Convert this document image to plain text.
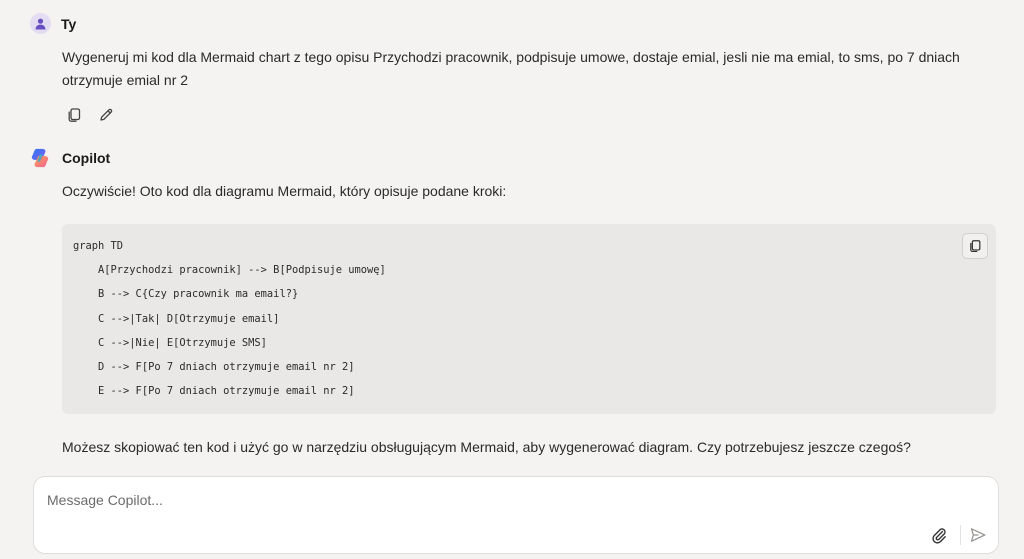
Ty
Wygeneruj mi kod dla Mermaid chart z tego opisu Przychodzi pracownik, podpisuje umowe, dostaje emial, jesli nie ma emial, to sms, po 7 dniach otrzymuje emial nr 2
Copilot
Oczywiście! Oto kod dla diagramu Mermaid, który opisuje podane kroki:
graph TD
A[Przychodzi pracownik] --> B[Podpisuje umowę]
B --> C{Czy pracownik ma email?}
C -->|Tak| D[Otrzymuje email]
C -->|Nie| E[Otrzymuje SMS]
D --> F[Po 7 dniach otrzymuje email nr 2]
E --> F[Po 7 dniach otrzymuje email nr 2]
Możesz skopiować ten kod i użyć go w narzędziu obsługującym Mermaid, aby wygenerować diagram. Czy potrzebujesz jeszcze czegoś?
Message Copilot...
